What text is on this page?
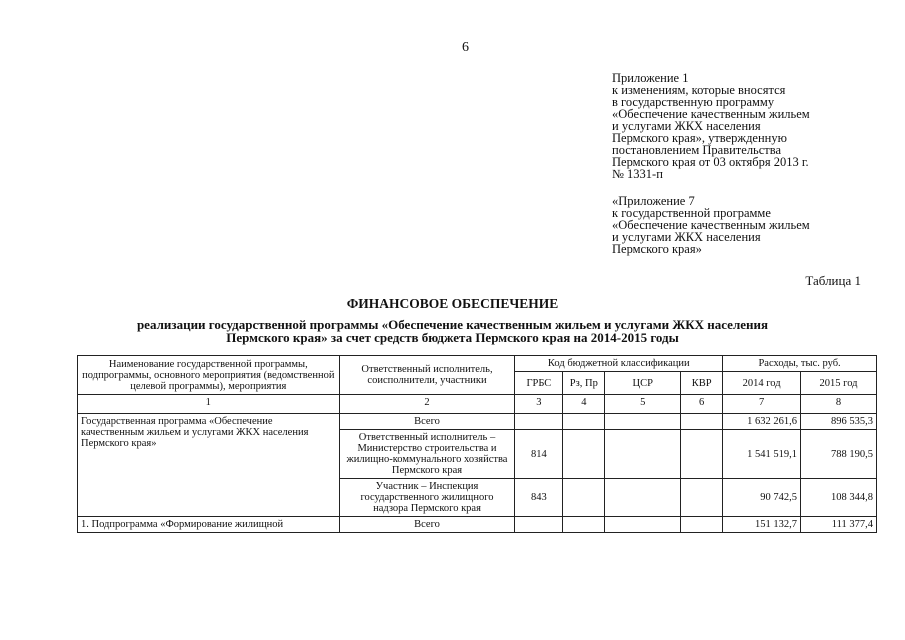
6
Приложение 1
к изменениям, которые вносятся
в государственную программу
«Обеспечение качественным жильем
и услугами ЖКХ населения
Пермского края», утвержденную
постановлением Правительства
Пермского края от 03 октября 2013 г.
№ 1331-п
«Приложение 7
к государственной программе
«Обеспечение качественным жильем
и услугами ЖКХ населения
Пермского края»
Таблица 1
ФИНАНСОВОЕ ОБЕСПЕЧЕНИЕ
реализации государственной программы «Обеспечение качественным жильем и услугами ЖКХ населения Пермского края» за счет средств бюджета Пермского края на 2014-2015 годы
Наименование государственной программы, подпрограммы, основного мероприятия (ведомственной целевой программы), мероприятия	Ответственный исполнитель, соисполнители, участники	Код бюджетной классификации				Расходы, тыс. руб.	
		ГРБС	Рз, Пр	ЦСР	КВР	2014 год	2015 год
1	2	3	4	5	6	7	8
Государственная программа «Обеспечение качественным жильем и услугами ЖКХ населения Пермского края»	Всего					1 632 261,6	896 535,3
	Ответственный исполнитель – Министерство строительства и жилищно-коммунального хозяйства Пермского края	814				1 541 519,1	788 190,5
	Участник – Инспекция государственного жилищного надзора Пермского края	843				90 742,5	108 344,8
1. Подпрограмма «Формирование жилищной	Всего					151 132,7	111 377,4
